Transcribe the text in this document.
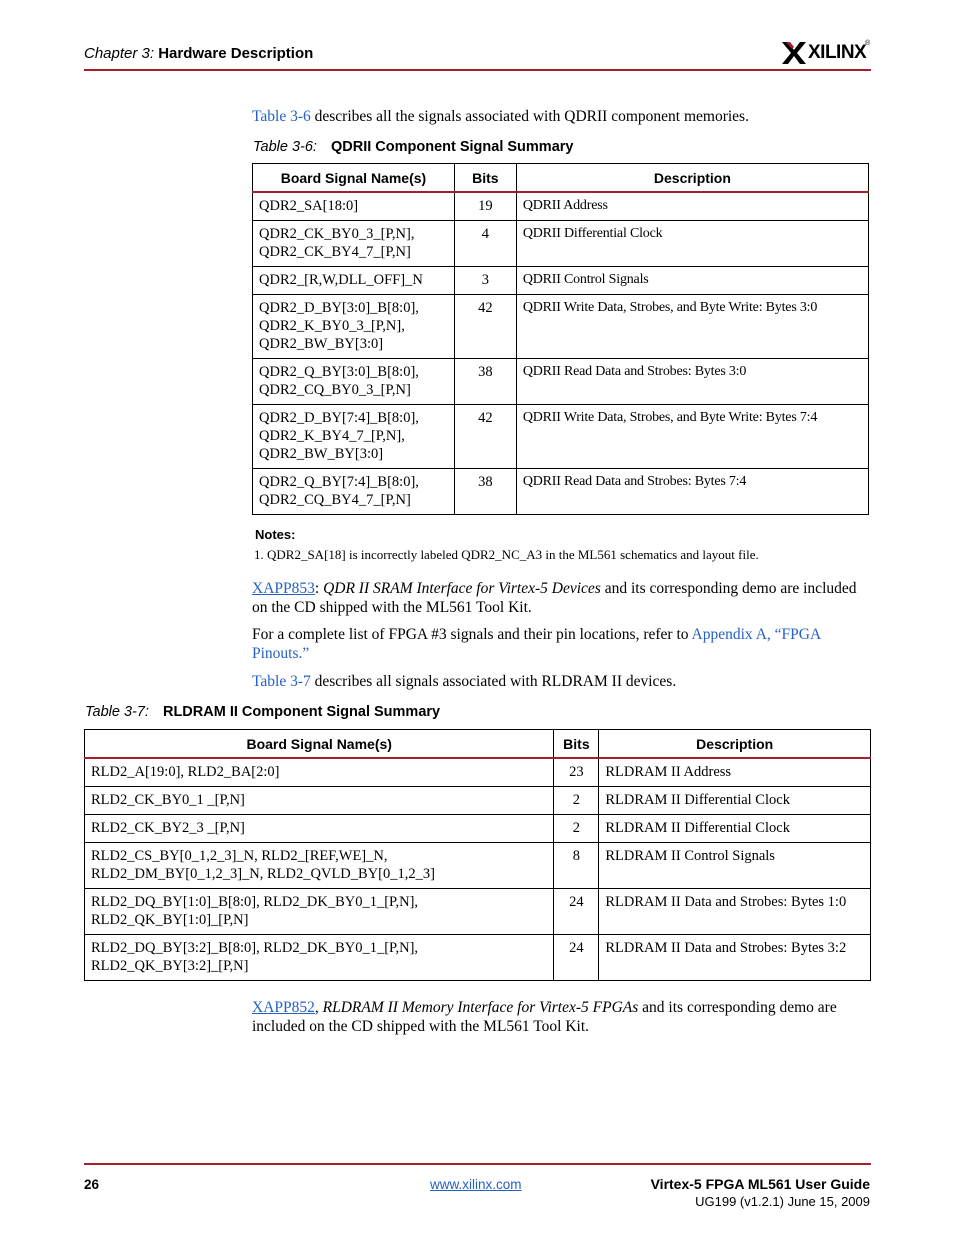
Chapter 3: Hardware Description	XILINX
®

Table 3-6 describes all the signals associated with QDRII component memories.

Table 3-6: QDRII Component Signal Summary
Board Signal Name(s)	Bits	Description
QDR2_SA[18:0]	19	QDRII Address
QDR2_CK_BY0_3_[P,N],
QDR2_CK_BY4_7_[P,N]	4	QDRII Differential Clock
QDR2_[R,W,DLL_OFF]_N	3	QDRII Control Signals
QDR2_D_BY[3:0]_B[8:0],
QDR2_K_BY0_3_[P,N],
QDR2_BW_BY[3:0]	42	QDRII Write Data, Strobes, and Byte Write: Bytes 3:0
QDR2_Q_BY[3:0]_B[8:0],
QDR2_CQ_BY0_3_[P,N]	38	QDRII Read Data and Strobes: Bytes 3:0
QDR2_D_BY[7:4]_B[8:0],
QDR2_K_BY4_7_[P,N],
QDR2_BW_BY[3:0]	42	QDRII Write Data, Strobes, and Byte Write: Bytes 7:4
QDR2_Q_BY[7:4]_B[8:0],
QDR2_CQ_BY4_7_[P,N]	38	QDRII Read Data and Strobes: Bytes 7:4
Notes:
1. QDR2_SA[18] is incorrectly labeled QDR2_NC_A3 in the ML561 schematics and layout file.

XAPP853: QDR II SRAM Interface for Virtex-5 Devices and its corresponding demo are included on the CD shipped with the ML561 Tool Kit.

For a complete list of FPGA #3 signals and their pin locations, refer to Appendix A, “FPGA Pinouts.”

Table 3-7 describes all signals associated with RLDRAM II devices.

Table 3-7: RLDRAM II Component Signal Summary
Board Signal Name(s)	Bits	Description
RLD2_A[19:0], RLD2_BA[2:0]	23	RLDRAM II Address
RLD2_CK_BY0_1 _[P,N]	2	RLDRAM II Differential Clock
RLD2_CK_BY2_3 _[P,N]	2	RLDRAM II Differential Clock
RLD2_CS_BY[0_1,2_3]_N, RLD2_[REF,WE]_N,
RLD2_DM_BY[0_1,2_3]_N, RLD2_QVLD_BY[0_1,2_3]	8	RLDRAM II Control Signals
RLD2_DQ_BY[1:0]_B[8:0], RLD2_DK_BY0_1_[P,N],
RLD2_QK_BY[1:0]_[P,N]	24	RLDRAM II Data and Strobes: Bytes 1:0
RLD2_DQ_BY[3:2]_B[8:0], RLD2_DK_BY0_1_[P,N],
RLD2_QK_BY[3:2]_[P,N]	24	RLDRAM II Data and Strobes: Bytes 3:2

XAPP852, RLDRAM II Memory Interface for Virtex-5 FPGAs and its corresponding demo are included on the CD shipped with the ML561 Tool Kit.

26	www.xilinx.com	Virtex-5 FPGA ML561 User Guide
UG199 (v1.2.1) June 15, 2009
